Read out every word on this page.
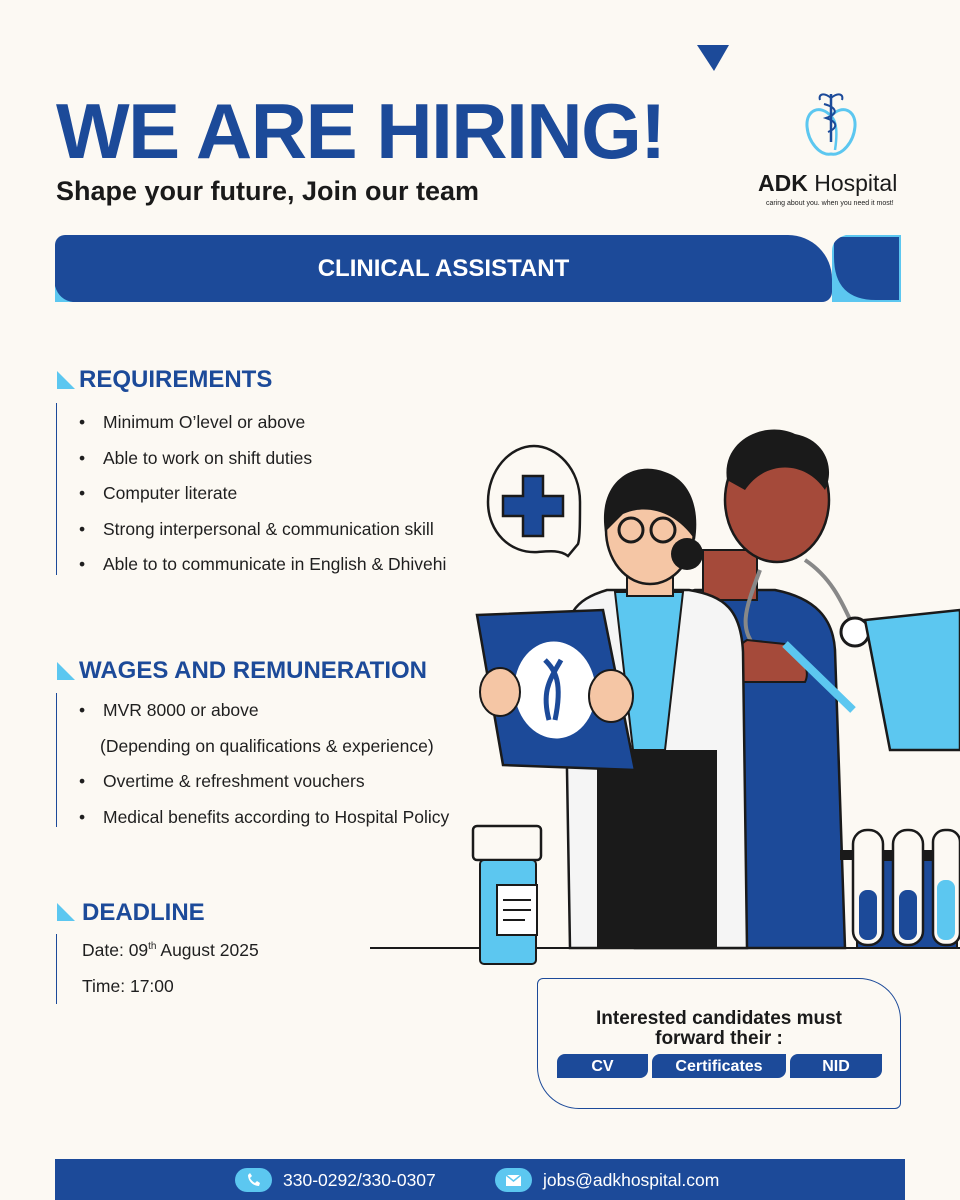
WE ARE HIRING!
Shape your future, Join our team	ADK Hospital
caring about you. when you need it most!
CLINICAL ASSISTANT
REQUIREMENTS
• Minimum O’level or above
• Able to work on shift duties
• Computer literate
• Strong interpersonal & communication skill
• Able to to communicate in English & Dhivehi
WAGES AND REMUNERATION
• MVR 8000 or above
(Depending on qualifications & experience)
• Overtime & refreshment vouchers
• Medical benefits according to Hospital Policy
DEADLINE
Date: 09th August 2025
Time: 17:00
Interested candidates must
forward their :
CV	Certificates	NID
330-0292/330-0307	jobs@adkhospital.com
